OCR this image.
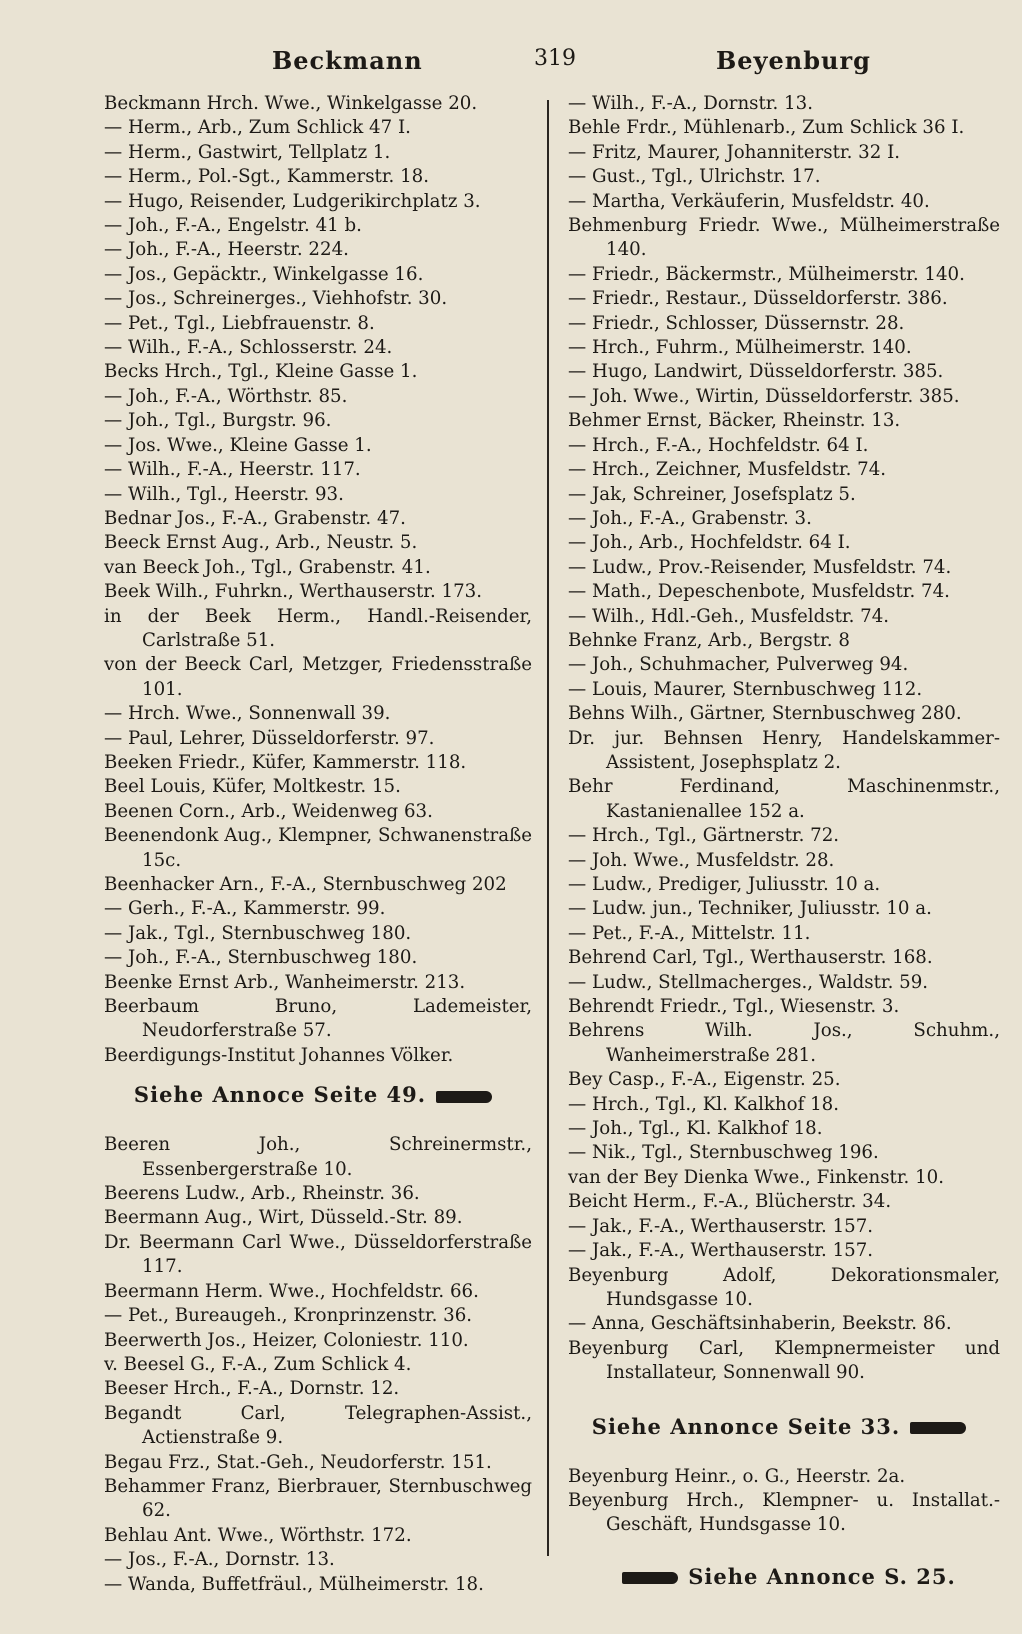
Beckmann	319	Beyenburg
Beckmann Hrch. Wwe., Winkelgasse 20.
— Herm., Arb., Zum Schlick 47 I.
— Herm., Gastwirt, Tellplatz 1.
— Herm., Pol.-Sgt., Kammerstr. 18.
— Hugo, Reisender, Ludgerikirchplatz 3.
— Joh., F.-A., Engelstr. 41 b.
— Joh., F.-A., Heerstr. 224.
— Jos., Gepäcktr., Winkelgasse 16.
— Jos., Schreinerges., Viehhofstr. 30.
— Pet., Tgl., Liebfrauenstr. 8.
— Wilh., F.-A., Schlosserstr. 24.
Becks Hrch., Tgl., Kleine Gasse 1.
— Joh., F.-A., Wörthstr. 85.
— Joh., Tgl., Burgstr. 96.
— Jos. Wwe., Kleine Gasse 1.
— Wilh., F.-A., Heerstr. 117.
— Wilh., Tgl., Heerstr. 93.
Bednar Jos., F.-A., Grabenstr. 47.
Beeck Ernst Aug., Arb., Neustr. 5.
van Beeck Joh., Tgl., Grabenstr. 41.
Beek Wilh., Fuhrkn., Werthauserstr. 173.
in der Beek Herm., Handl.-Reisender, Carlstraße 51.
von der Beeck Carl, Metzger, Friedensstraße 101.
— Hrch. Wwe., Sonnenwall 39.
— Paul, Lehrer, Düsseldorferstr. 97.
Beeken Friedr., Küfer, Kammerstr. 118.
Beel Louis, Küfer, Moltkestr. 15.
Beenen Corn., Arb., Weidenweg 63.
Beenendonk Aug., Klempner, Schwanenstraße 15c.
Beenhacker Arn., F.-A., Sternbuschweg 202
— Gerh., F.-A., Kammerstr. 99.
— Jak., Tgl., Sternbuschweg 180.
— Joh., F.-A., Sternbuschweg 180.
Beenke Ernst Arb., Wanheimerstr. 213.
Beerbaum Bruno, Lademeister, Neudorferstraße 57.
Beerdigungs-Institut Johannes Völker.
Siehe Annoce Seite 49.
Beeren Joh., Schreinermstr., Essenbergerstraße 10.
Beerens Ludw., Arb., Rheinstr. 36.
Beermann Aug., Wirt, Düsseld.-Str. 89.
Dr. Beermann Carl Wwe., Düsseldorferstraße 117.
Beermann Herm. Wwe., Hochfeldstr. 66.
— Pet., Bureaugeh., Kronprinzenstr. 36.
Beerwerth Jos., Heizer, Coloniestr. 110.
v. Beesel G., F.-A., Zum Schlick 4.
Beeser Hrch., F.-A., Dornstr. 12.
Begandt Carl, Telegraphen-Assist., Actienstraße 9.
Begau Frz., Stat.-Geh., Neudorferstr. 151.
Behammer Franz, Bierbrauer, Sternbuschweg 62.
Behlau Ant. Wwe., Wörthstr. 172.
— Jos., F.-A., Dornstr. 13.
— Wanda, Buffetfräul., Mülheimerstr. 18.
— Wilh., F.-A., Dornstr. 13.
Behle Frdr., Mühlenarb., Zum Schlick 36 I.
— Fritz, Maurer, Johanniterstr. 32 I.
— Gust., Tgl., Ulrichstr. 17.
— Martha, Verkäuferin, Musfeldstr. 40.
Behmenburg Friedr. Wwe., Mülheimerstraße 140.
— Friedr., Bäckermstr., Mülheimerstr. 140.
— Friedr., Restaur., Düsseldorferstr. 386.
— Friedr., Schlosser, Düssernstr. 28.
— Hrch., Fuhrm., Mülheimerstr. 140.
— Hugo, Landwirt, Düsseldorferstr. 385.
— Joh. Wwe., Wirtin, Düsseldorferstr. 385.
Behmer Ernst, Bäcker, Rheinstr. 13.
— Hrch., F.-A., Hochfeldstr. 64 I.
— Hrch., Zeichner, Musfeldstr. 74.
— Jak, Schreiner, Josefsplatz 5.
— Joh., F.-A., Grabenstr. 3.
— Joh., Arb., Hochfeldstr. 64 I.
— Ludw., Prov.-Reisender, Musfeldstr. 74.
— Math., Depeschenbote, Musfeldstr. 74.
— Wilh., Hdl.-Geh., Musfeldstr. 74.
Behnke Franz, Arb., Bergstr. 8
— Joh., Schuhmacher, Pulverweg 94.
— Louis, Maurer, Sternbuschweg 112.
Behns Wilh., Gärtner, Sternbuschweg 280.
Dr. jur. Behnsen Henry, Handelskammer-Assistent, Josephsplatz 2.
Behr Ferdinand, Maschinenmstr., Kastanienallee 152 a.
— Hrch., Tgl., Gärtnerstr. 72.
— Joh. Wwe., Musfeldstr. 28.
— Ludw., Prediger, Juliusstr. 10 a.
— Ludw. jun., Techniker, Juliusstr. 10 a.
— Pet., F.-A., Mittelstr. 11.
Behrend Carl, Tgl., Werthauserstr. 168.
— Ludw., Stellmacherges., Waldstr. 59.
Behrendt Friedr., Tgl., Wiesenstr. 3.
Behrens Wilh. Jos., Schuhm., Wanheimerstraße 281.
Bey Casp., F.-A., Eigenstr. 25.
— Hrch., Tgl., Kl. Kalkhof 18.
— Joh., Tgl., Kl. Kalkhof 18.
— Nik., Tgl., Sternbuschweg 196.
van der Bey Dienka Wwe., Finkenstr. 10.
Beicht Herm., F.-A., Blücherstr. 34.
— Jak., F.-A., Werthauserstr. 157.
— Jak., F.-A., Werthauserstr. 157.
Beyenburg Adolf, Dekorationsmaler, Hundsgasse 10.
— Anna, Geschäftsinhaberin, Beekstr. 86.
Beyenburg Carl, Klempnermeister und Installateur, Sonnenwall 90.
Siehe Annonce Seite 33.
Beyenburg Heinr., o. G., Heerstr. 2a.
Beyenburg Hrch., Klempner- u. Installat.-Geschäft, Hundsgasse 10.
Siehe Annonce S. 25.
